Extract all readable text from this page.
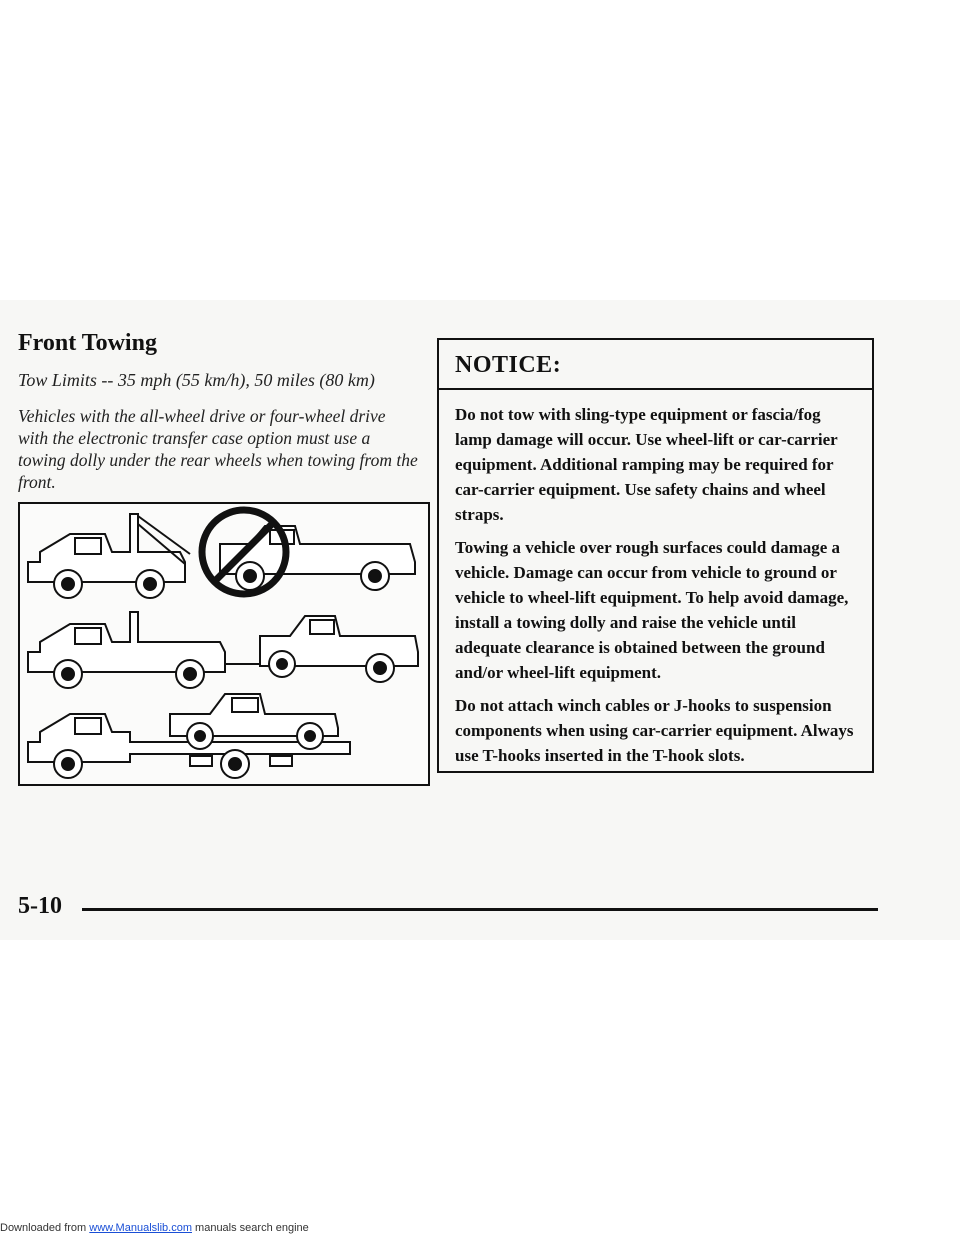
Front Towing
Tow Limits -- 35 mph (55 km/h), 50 miles (80 km)
Vehicles with the all-wheel drive or four-wheel drive with the electronic transfer case option must use a towing dolly under the rear wheels when towing from the front.
NOTICE:

Do not tow with sling-type equipment or fascia/fog lamp damage will occur. Use wheel-lift or car-carrier equipment. Additional ramping may be required for car-carrier equipment. Use safety chains and wheel straps.

Towing a vehicle over rough surfaces could damage a vehicle. Damage can occur from vehicle to ground or vehicle to wheel-lift equipment. To help avoid damage, install a towing dolly and raise the vehicle until adequate clearance is obtained between the ground and/or wheel-lift equipment.

Do not attach winch cables or J-hooks to suspension components when using car-carrier equipment. Always use T-hooks inserted in the T-hook slots.

5-10
Downloaded from www.Manualslib.com manuals search engine
